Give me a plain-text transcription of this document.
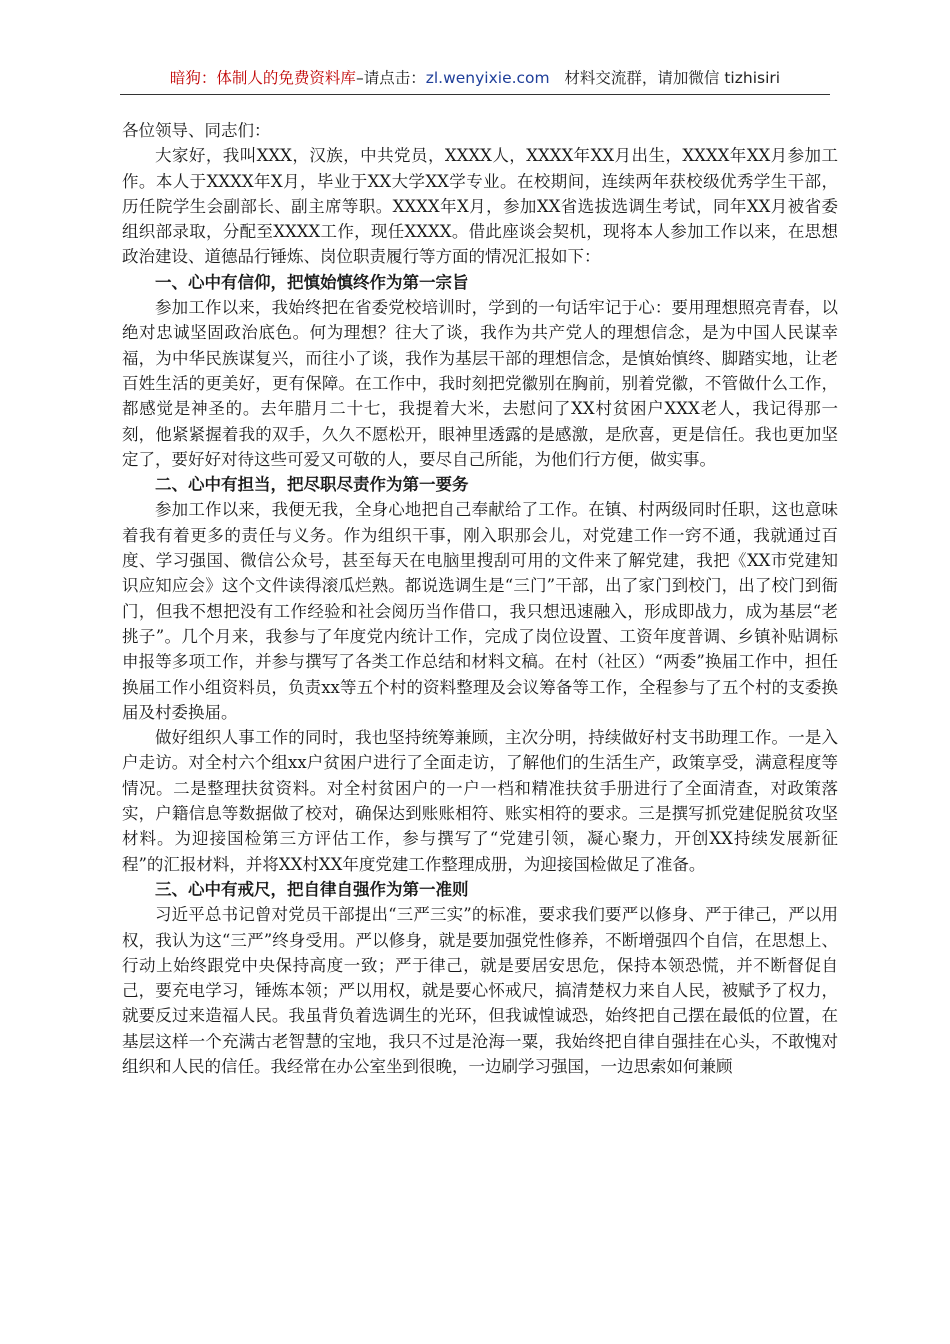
暗狗：体制人的免费资料库–请点击：zl.wenyixie.com 材料交流群，请加微信 tizhisiri

各位领导、同志们：

大家好，我叫XXX，汉族，中共党员，XXXX人，XXXX年XX月出生，XXXX年XX月参加工作。本人于XXXX年X月，毕业于XX大学XX学专业。在校期间，连续两年获校级优秀学生干部，历任院学生会副部长、副主席等职。XXXX年X月，参加XX省选拔选调生考试，同年XX月被省委组织部录取，分配至XXXX工作，现任XXXX。借此座谈会契机，现将本人参加工作以来，在思想政治建设、道德品行锤炼、岗位职责履行等方面的情况汇报如下：

一、心中有信仰，把慎始慎终作为第一宗旨

参加工作以来，我始终把在省委党校培训时，学到的一句话牢记于心：要用理想照亮青春，以绝对忠诚坚固政治底色。何为理想？往大了谈，我作为共产党人的理想信念，是为中国人民谋幸福，为中华民族谋复兴，而往小了谈，我作为基层干部的理想信念，是慎始慎终、脚踏实地，让老百姓生活的更美好，更有保障。在工作中，我时刻把党徽别在胸前，别着党徽，不管做什么工作，都感觉是神圣的。去年腊月二十七，我提着大米，去慰问了XX村贫困户XXX老人，我记得那一刻，他紧紧握着我的双手，久久不愿松开，眼神里透露的是感激，是欣喜，更是信任。我也更加坚定了，要好好对待这些可爱又可敬的人，要尽自己所能，为他们行方便，做实事。

二、心中有担当，把尽职尽责作为第一要务

参加工作以来，我便无我，全身心地把自己奉献给了工作。在镇、村两级同时任职，这也意味着我有着更多的责任与义务。作为组织干事，刚入职那会儿，对党建工作一窍不通，我就通过百度、学习强国、微信公众号，甚至每天在电脑里搜刮可用的文件来了解党建，我把《XX市党建知识应知应会》这个文件读得滚瓜烂熟。都说选调生是“三门”干部，出了家门到校门，出了校门到衙门，但我不想把没有工作经验和社会阅历当作借口，我只想迅速融入，形成即战力，成为基层“老挑子”。几个月来，我参与了年度党内统计工作，完成了岗位设置、工资年度普调、乡镇补贴调标申报等多项工作，并参与撰写了各类工作总结和材料文稿。在村（社区）“两委”换届工作中，担任换届工作小组资料员，负责xx等五个村的资料整理及会议筹备等工作，全程参与了五个村的支委换届及村委换届。

做好组织人事工作的同时，我也坚持统筹兼顾，主次分明，持续做好村支书助理工作。一是入户走访。对全村六个组xx户贫困户进行了全面走访，了解他们的生活生产，政策享受，满意程度等情况。二是整理扶贫资料。对全村贫困户的一户一档和精准扶贫手册进行了全面清查，对政策落实，户籍信息等数据做了校对，确保达到账账相符、账实相符的要求。三是撰写抓党建促脱贫攻坚材料。为迎接国检第三方评估工作，参与撰写了“党建引领，凝心聚力，开创XX持续发展新征程”的汇报材料，并将XX村XX年度党建工作整理成册，为迎接国检做足了准备。

三、心中有戒尺，把自律自强作为第一准则

习近平总书记曾对党员干部提出“三严三实”的标准，要求我们要严以修身、严于律己，严以用权，我认为这“三严”终身受用。严以修身，就是要加强党性修养，不断增强四个自信，在思想上、行动上始终跟党中央保持高度一致；严于律己，就是要居安思危，保持本领恐慌，并不断督促自己，要充电学习，锤炼本领；严以用权，就是要心怀戒尺，搞清楚权力来自人民，被赋予了权力，就要反过来造福人民。我虽背负着选调生的光环，但我诚惶诚恐，始终把自己摆在最低的位置，在基层这样一个充满古老智慧的宝地，我只不过是沧海一粟，我始终把自律自强挂在心头，不敢愧对组织和人民的信任。我经常在办公室坐到很晚，一边刷学习强国，一边思索如何兼顾
